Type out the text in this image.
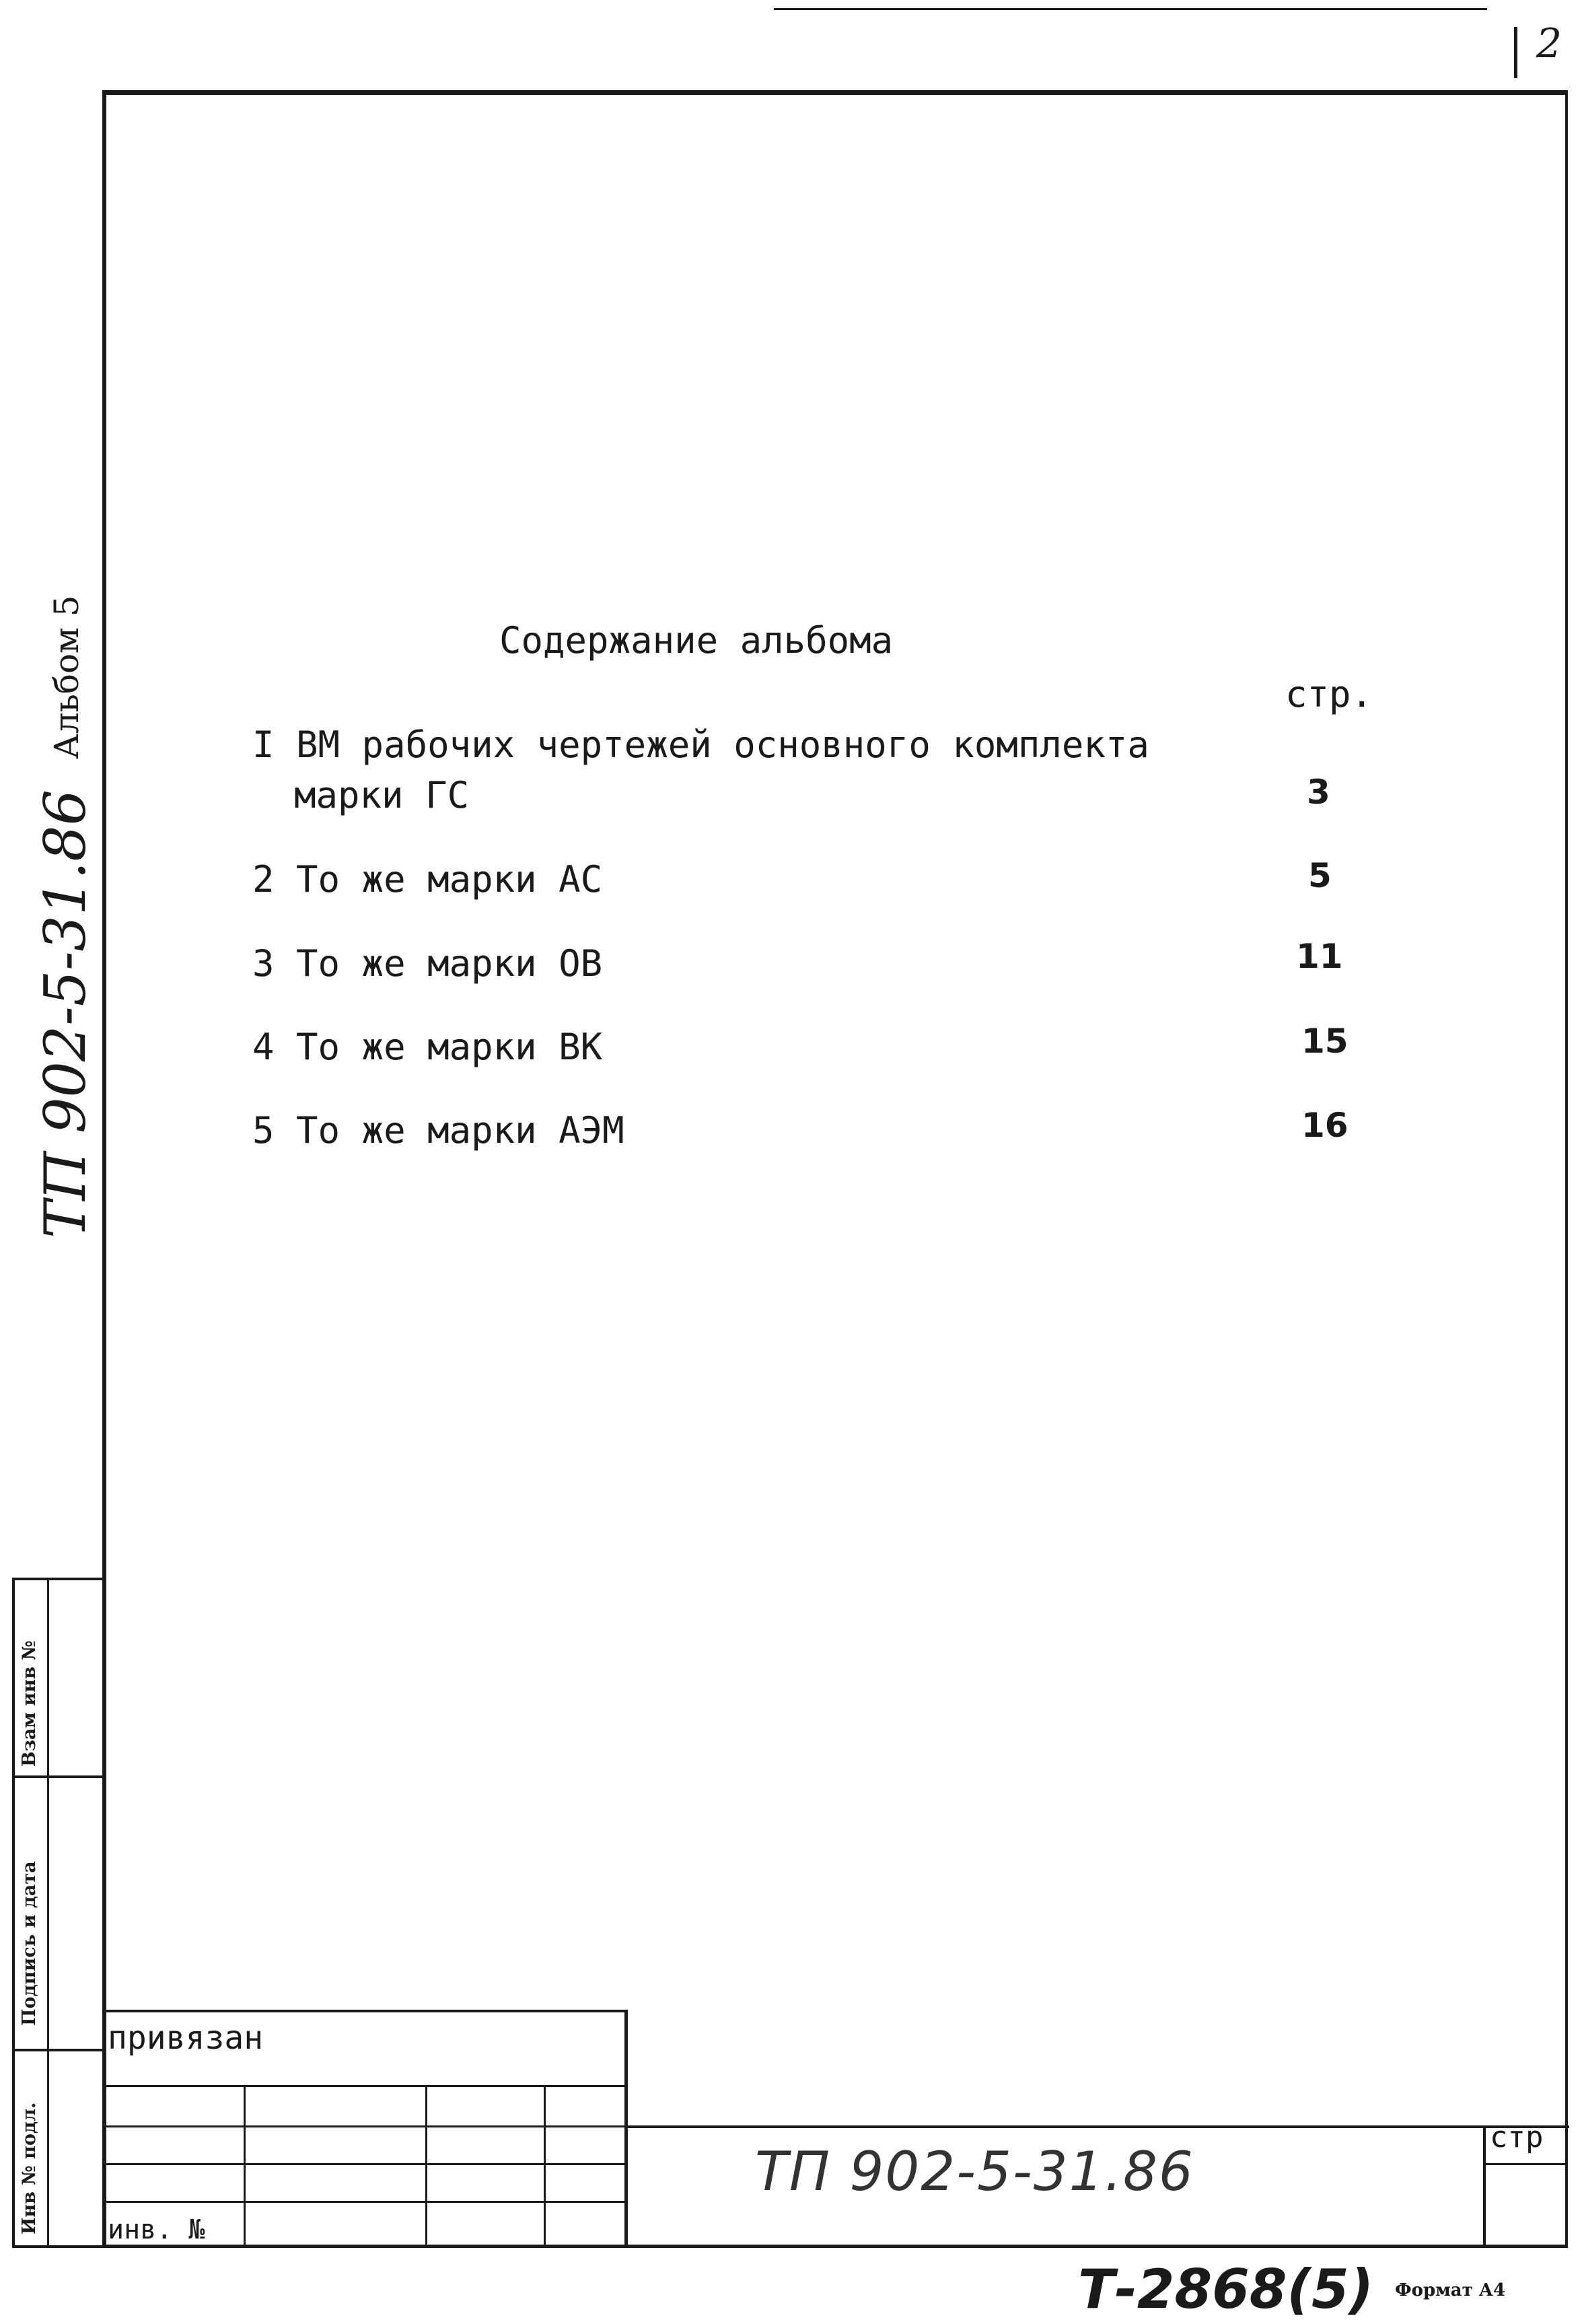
2
Альбом 5
ТП 902-5-31.86
Взам инв №
Подпись и дата
Инв № подл.
Содержание альбома
стр.
I ВМ рабочих чертежей основного комплекта
марки ГС	3
2 То же марки АС	5
3 То же марки ОВ	11
4 То же марки ВК	15
5 То же марки АЭМ	16
привязан
инв. №
ТП 902-5-31.86
стр
Т-2868(5) Формат А4
